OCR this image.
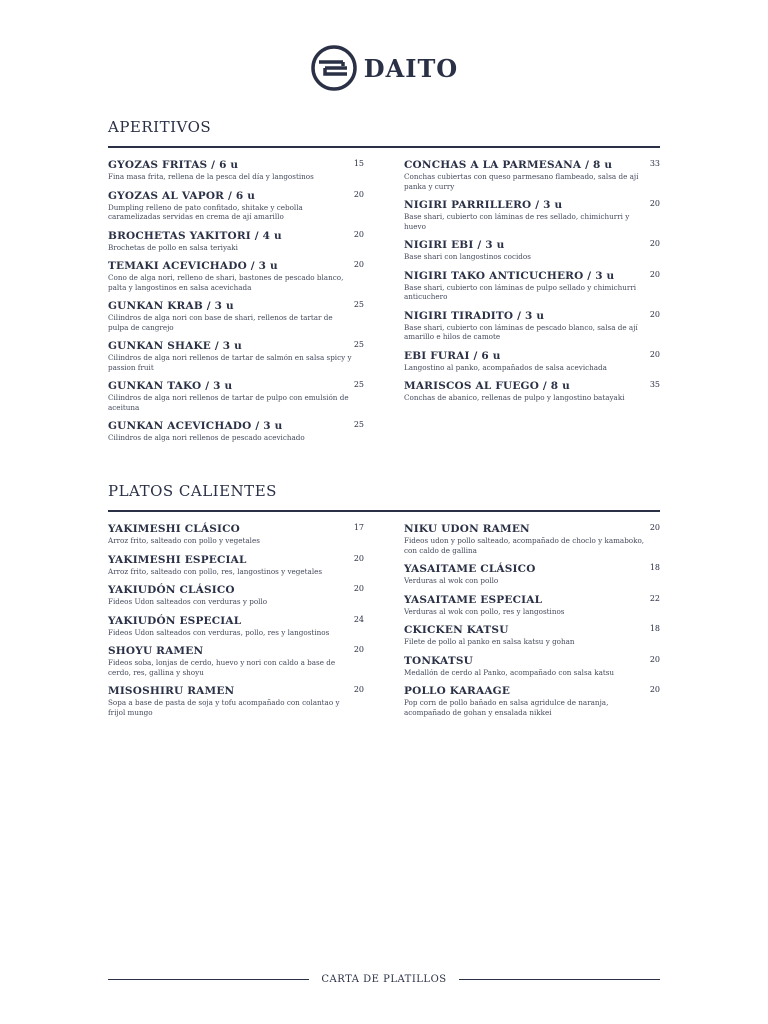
DAITO
APERITIVOS
GYOZAS FRITAS / 6 u	15
Fina masa frita, rellena de la pesca del día y langostinos
GYOZAS AL VAPOR / 6 u	20
Dumpling relleno de pato confitado, shitake y cebolla caramelizadas servidas en crema de ají amarillo
BROCHETAS YAKITORI / 4 u	20
Brochetas de pollo en salsa teriyaki
TEMAKI ACEVICHADO / 3 u	20
Cono de alga nori, relleno de shari, bastones de pescado blanco, palta y langostinos en salsa acevichada
GUNKAN KRAB / 3 u	25
Cilindros de alga nori con base de shari, rellenos de tartar de pulpa de cangrejo
GUNKAN SHAKE / 3 u	25
Cilindros de alga nori rellenos de tartar de salmón en salsa spicy y passion fruit
GUNKAN TAKO / 3 u	25
Cilindros de alga nori rellenos de tartar de pulpo con emulsión de aceituna
GUNKAN ACEVICHADO / 3 u	25
Cilindros de alga nori rellenos de pescado acevichado
CONCHAS A LA PARMESANA / 8 u	33
Conchas cubiertas con queso parmesano flambeado, salsa de ají panka y curry
NIGIRI PARRILLERO / 3 u	20
Base shari, cubierto con láminas de res sellado, chimichurri y huevo
NIGIRI EBI / 3 u	20
Base shari con langostinos cocidos
NIGIRI TAKO ANTICUCHERO / 3 u	20
Base shari, cubierto con láminas de pulpo sellado y chimichurri anticuchero
NIGIRI TIRADITO / 3 u	20
Base shari, cubierto con láminas de pescado blanco, salsa de ají amarillo e hilos de camote
EBI FURAI / 6 u	20
Langostino al panko, acompañados de salsa acevichada
MARISCOS AL FUEGO / 8 u	35
Conchas de abanico, rellenas de pulpo y langostino batayaki
PLATOS CALIENTES
YAKIMESHI CLÁSICO	17
Arroz frito, salteado con pollo y vegetales
YAKIMESHI ESPECIAL	20
Arroz frito, salteado con pollo, res, langostinos y vegetales
YAKIUDÓN CLÁSICO	20
Fideos Udon salteados con verduras y pollo
YAKIUDÓN ESPECIAL	24
Fideos Udon salteados con verduras, pollo, res y langostinos
SHOYU RAMEN	20
Fideos soba, lonjas de cerdo, huevo y nori con caldo a base de cerdo, res, gallina y shoyu
MISOSHIRU RAMEN	20
Sopa a base de pasta de soja y tofu acompañado con colantao y frijol mungo
NIKU UDON RAMEN	20
Fideos udon y pollo salteado, acompañado de choclo y kamaboko, con caldo de gallina
YASAITAME CLÁSICO	18
Verduras al wok con pollo
YASAITAME ESPECIAL	22
Verduras al wok con pollo, res y langostinos
CKICKEN KATSU	18
Filete de pollo al panko en salsa katsu y gohan
TONKATSU	20
Medallón de cerdo al Panko, acompañado con salsa katsu
POLLO KARAAGE	20
Pop corn de pollo bañado en salsa agridulce de naranja, acompañado de gohan y ensalada nikkei
CARTA DE PLATILLOS
